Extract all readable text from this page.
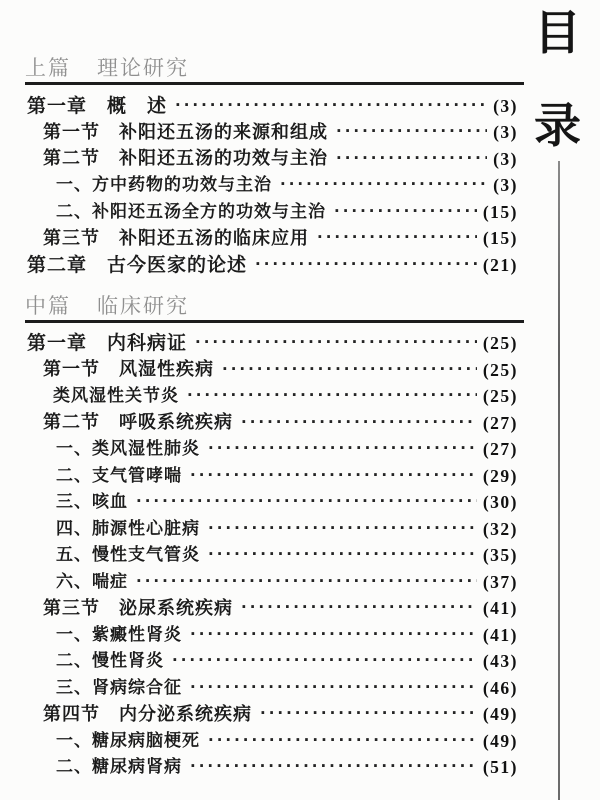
目
录
上篇 理论研究
第一章　概　述 ·····	(3)
第一节　补阳还五汤的来源和组成 ·····	(3)
第二节　补阳还五汤的功效与主治 ·····	(3)
一、方中药物的功效与主治 ·····	(3)
二、补阳还五汤全方的功效与主治 ·····	(15)
第三节　补阳还五汤的临床应用 ·····	(15)
第二章　古今医家的论述 ·····	(21)
中篇 临床研究
第一章　内科病证 ·····	(25)
第一节　风湿性疾病 ·····	(25)
类风湿性关节炎 ·····	(25)
第二节　呼吸系统疾病 ·····	(27)
一、类风湿性肺炎 ·····	(27)
二、支气管哮喘 ·····	(29)
三、咳血 ·····	(30)
四、肺源性心脏病 ·····	(32)
五、慢性支气管炎 ·····	(35)
六、喘症 ·····	(37)
第三节　泌尿系统疾病 ·····	(41)
一、紫癜性肾炎 ·····	(41)
二、慢性肾炎 ·····	(43)
三、肾病综合征 ·····	(46)
第四节　内分泌系统疾病 ·····	(49)
一、糖尿病脑梗死 ·····	(49)
二、糖尿病肾病 ·····	(51)
